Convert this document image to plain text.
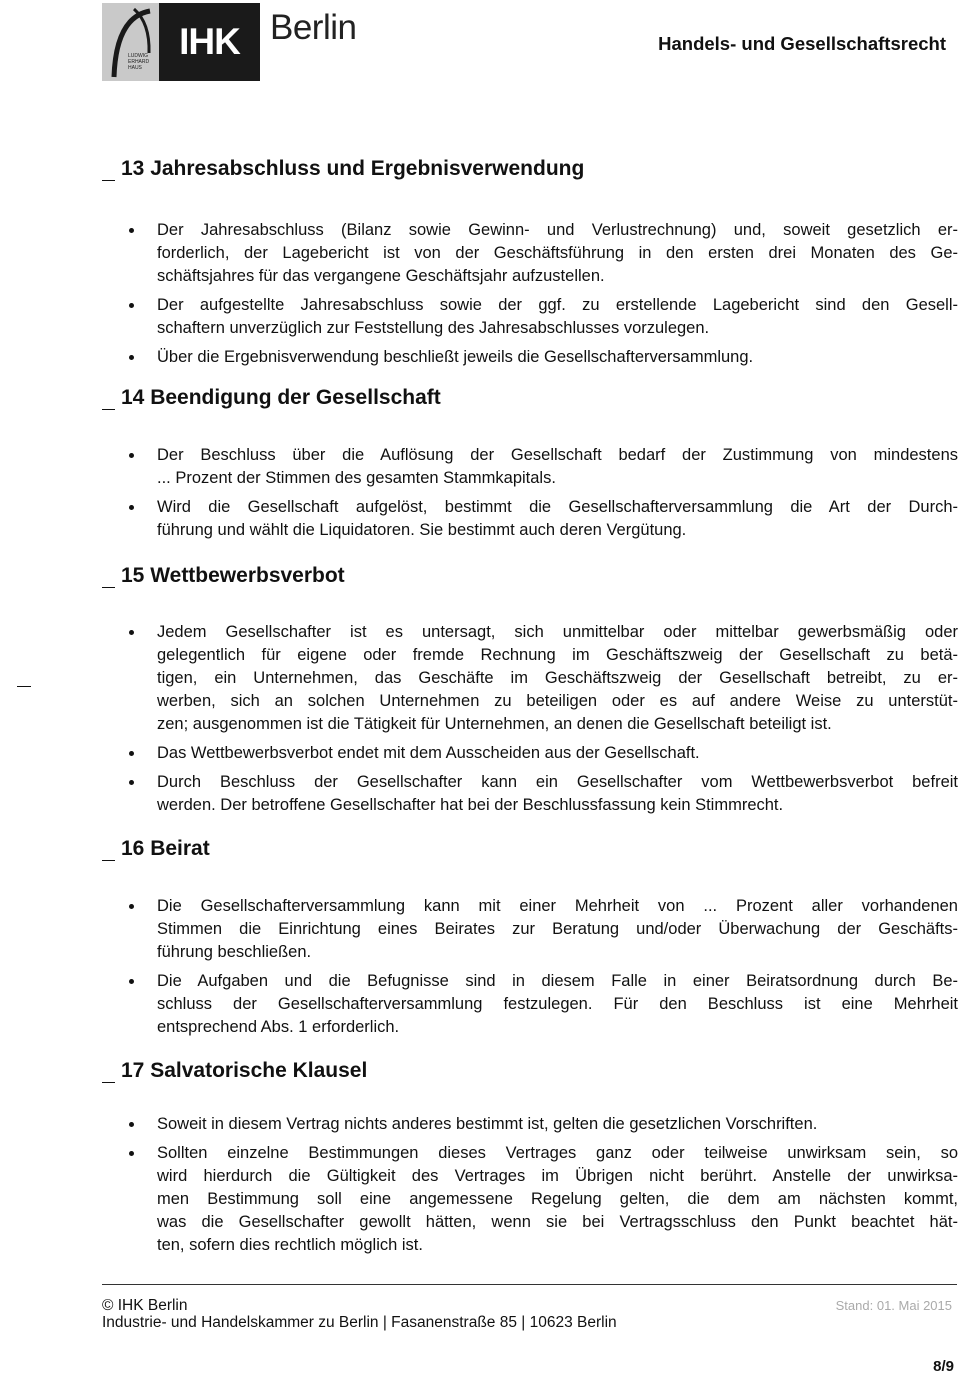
LUDWIG
ERHARD
HAUS
IHK Berlin	Handels- und Gesellschaftsrecht
13 Jahresabschluss und Ergebnisverwendung
Der Jahresabschluss (Bilanz sowie Gewinn- und Verlustrechnung) und, soweit gesetzlich er-
forderlich, der Lagebericht ist von der Geschäftsführung in den ersten drei Monaten des Ge-
schäftsjahres für das vergangene Geschäftsjahr aufzustellen.
Der aufgestellte Jahresabschluss sowie der ggf. zu erstellende Lagebericht sind den Gesell-
schaftern unverzüglich zur Feststellung des Jahresabschlusses vorzulegen.
Über die Ergebnisverwendung beschließt jeweils die Gesellschafterversammlung.
14 Beendigung der Gesellschaft
Der Beschluss über die Auflösung der Gesellschaft bedarf der Zustimmung von mindestens
... Prozent der Stimmen des gesamten Stammkapitals.
Wird die Gesellschaft aufgelöst, bestimmt die Gesellschafterversammlung die Art der Durch-
führung und wählt die Liquidatoren. Sie bestimmt auch deren Vergütung.
15 Wettbewerbsverbot
Jedem Gesellschafter ist es untersagt, sich unmittelbar oder mittelbar gewerbsmäßig oder
gelegentlich für eigene oder fremde Rechnung im Geschäftszweig der Gesellschaft zu betä-
tigen, ein Unternehmen, das Geschäfte im Geschäftszweig der Gesellschaft betreibt, zu er-
werben, sich an solchen Unternehmen zu beteiligen oder es auf andere Weise zu unterstüt-
zen; ausgenommen ist die Tätigkeit für Unternehmen, an denen die Gesellschaft beteiligt ist.
Das Wettbewerbsverbot endet mit dem Ausscheiden aus der Gesellschaft.
Durch Beschluss der Gesellschafter kann ein Gesellschafter vom Wettbewerbsverbot befreit
werden. Der betroffene Gesellschafter hat bei der Beschlussfassung kein Stimmrecht.
16 Beirat
Die Gesellschafterversammlung kann mit einer Mehrheit von ... Prozent aller vorhandenen
Stimmen die Einrichtung eines Beirates zur Beratung und/oder Überwachung der Geschäfts-
führung beschließen.
Die Aufgaben und die Befugnisse sind in diesem Falle in einer Beiratsordnung durch Be-
schluss der Gesellschafterversammlung festzulegen. Für den Beschluss ist eine Mehrheit
entsprechend Abs. 1 erforderlich.
17 Salvatorische Klausel
Soweit in diesem Vertrag nichts anderes bestimmt ist, gelten die gesetzlichen Vorschriften.
Sollten einzelne Bestimmungen dieses Vertrages ganz oder teilweise unwirksam sein, so
wird hierdurch die Gültigkeit des Vertrages im Übrigen nicht berührt. Anstelle der unwirksa-
men Bestimmung soll eine angemessene Regelung gelten, die dem am nächsten kommt,
was die Gesellschafter gewollt hätten, wenn sie bei Vertragsschluss den Punkt beachtet hät-
ten, sofern dies rechtlich möglich ist.
© IHK Berlin
Industrie- und Handelskammer zu Berlin | Fasanenstraße 85 | 10623 Berlin
Stand: 01. Mai 2015
8/9
